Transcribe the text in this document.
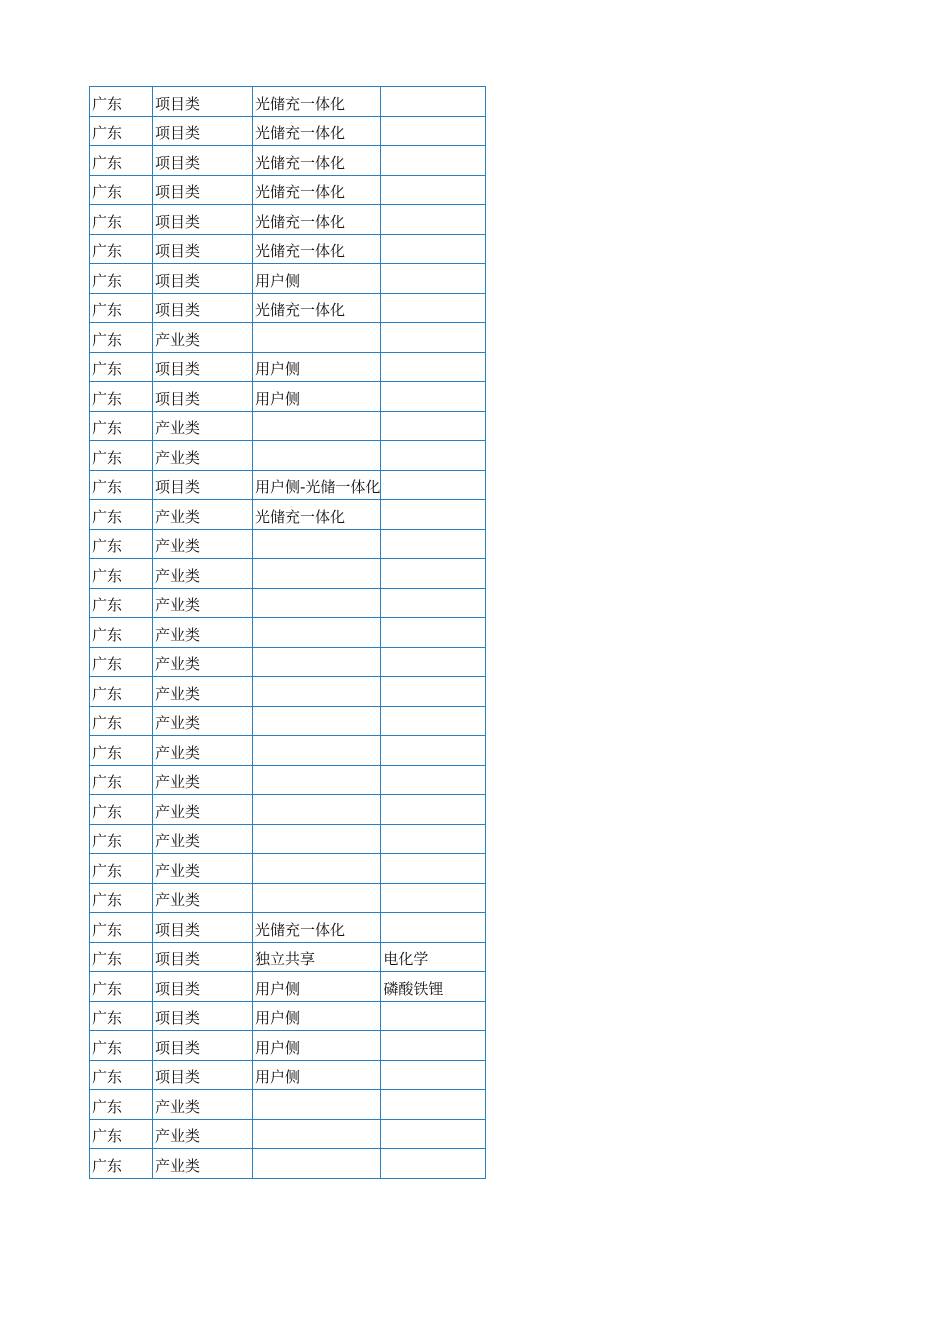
广东	项目类	光储充一体化	
广东	项目类	光储充一体化	
广东	项目类	光储充一体化	
广东	项目类	光储充一体化	
广东	项目类	光储充一体化	
广东	项目类	光储充一体化	
广东	项目类	用户侧	
广东	项目类	光储充一体化	
广东	产业类		
广东	项目类	用户侧	
广东	项目类	用户侧	
广东	产业类		
广东	产业类		
广东	项目类	用户侧-光储一体化	
广东	产业类	光储充一体化	
广东	产业类		
广东	产业类		
广东	产业类		
广东	产业类		
广东	产业类		
广东	产业类		
广东	产业类		
广东	产业类		
广东	产业类		
广东	产业类		
广东	产业类		
广东	产业类		
广东	产业类		
广东	项目类	光储充一体化	
广东	项目类	独立共享	电化学
广东	项目类	用户侧	磷酸铁锂
广东	项目类	用户侧	
广东	项目类	用户侧	
广东	项目类	用户侧	
广东	产业类		
广东	产业类		
广东	产业类		
